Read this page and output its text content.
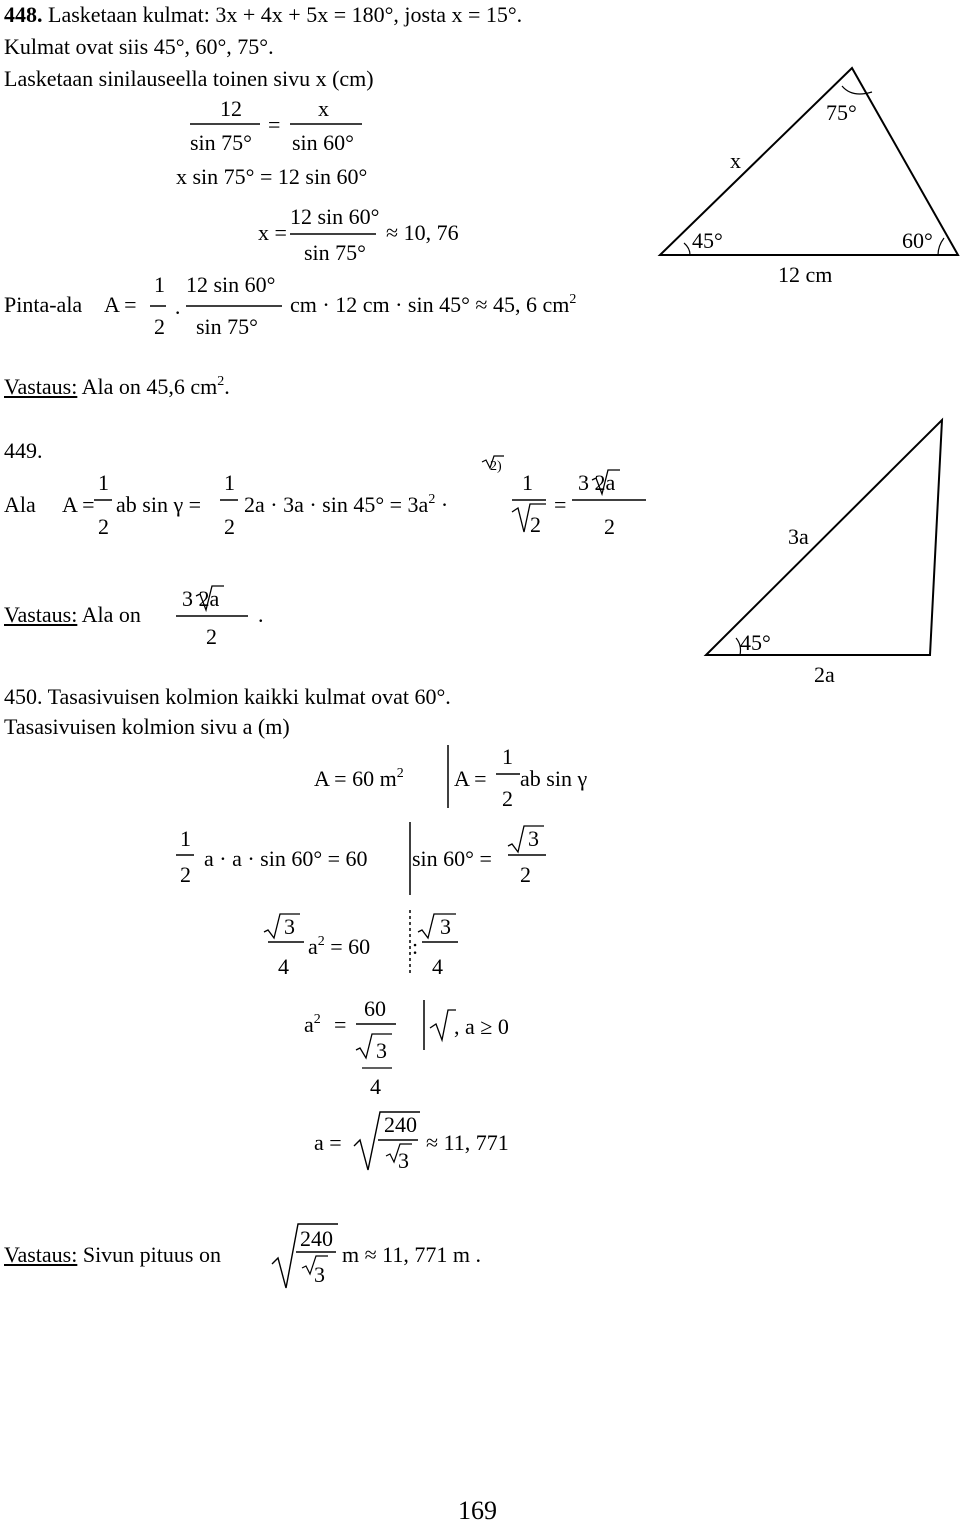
448. Lasketaan kulmat: 3x + 4x + 5x = 180°, josta x = 15°.
Kulmat ovat siis 45°, 60°, 75°.
Lasketaan sinilauseella toinen sivu x (cm)
12
=
x
sin 75° sin 60°
x sin 75° = 12 sin 60°
x =
12 sin 60°
sin 75°
≈ 10, 76
Pinta-ala A =
1
2
·
12 sin 60°
sin 75°
cm · 12 cm · sin 45° ≈ 45, 6 $cm^2$
Vastaus: Ala on 45,6 $cm^2$.
x
75°
45°	60°
12 cm
449.
Ala A =
1
2
ab sin γ =
1
2
$2a \cdot 3a \cdot \sin 45^\circ = 3a^2$ ·
2)
1
2
=
3 2a
2
Vastaus: Ala on
3 2a
2
.
3a
45°
2a
450. Tasasivuisen kolmion kaikki kulmat ovat 60°.
Tasasivuisen kolmion sivu a (m)
A = 60 $m^2$ A =
1
2
ab sin γ
1
2
a · a · sin 60° = 60 sin 60° =
3
2
3
4
$a^2 = 60$ :
3
4
$a^2$ =
60
3
4
, a ≥ 0
a =
240
3
≈ 11, 771
Vastaus: Sivun pituus on
240
3
m ≈ 11, 771 m .
169
